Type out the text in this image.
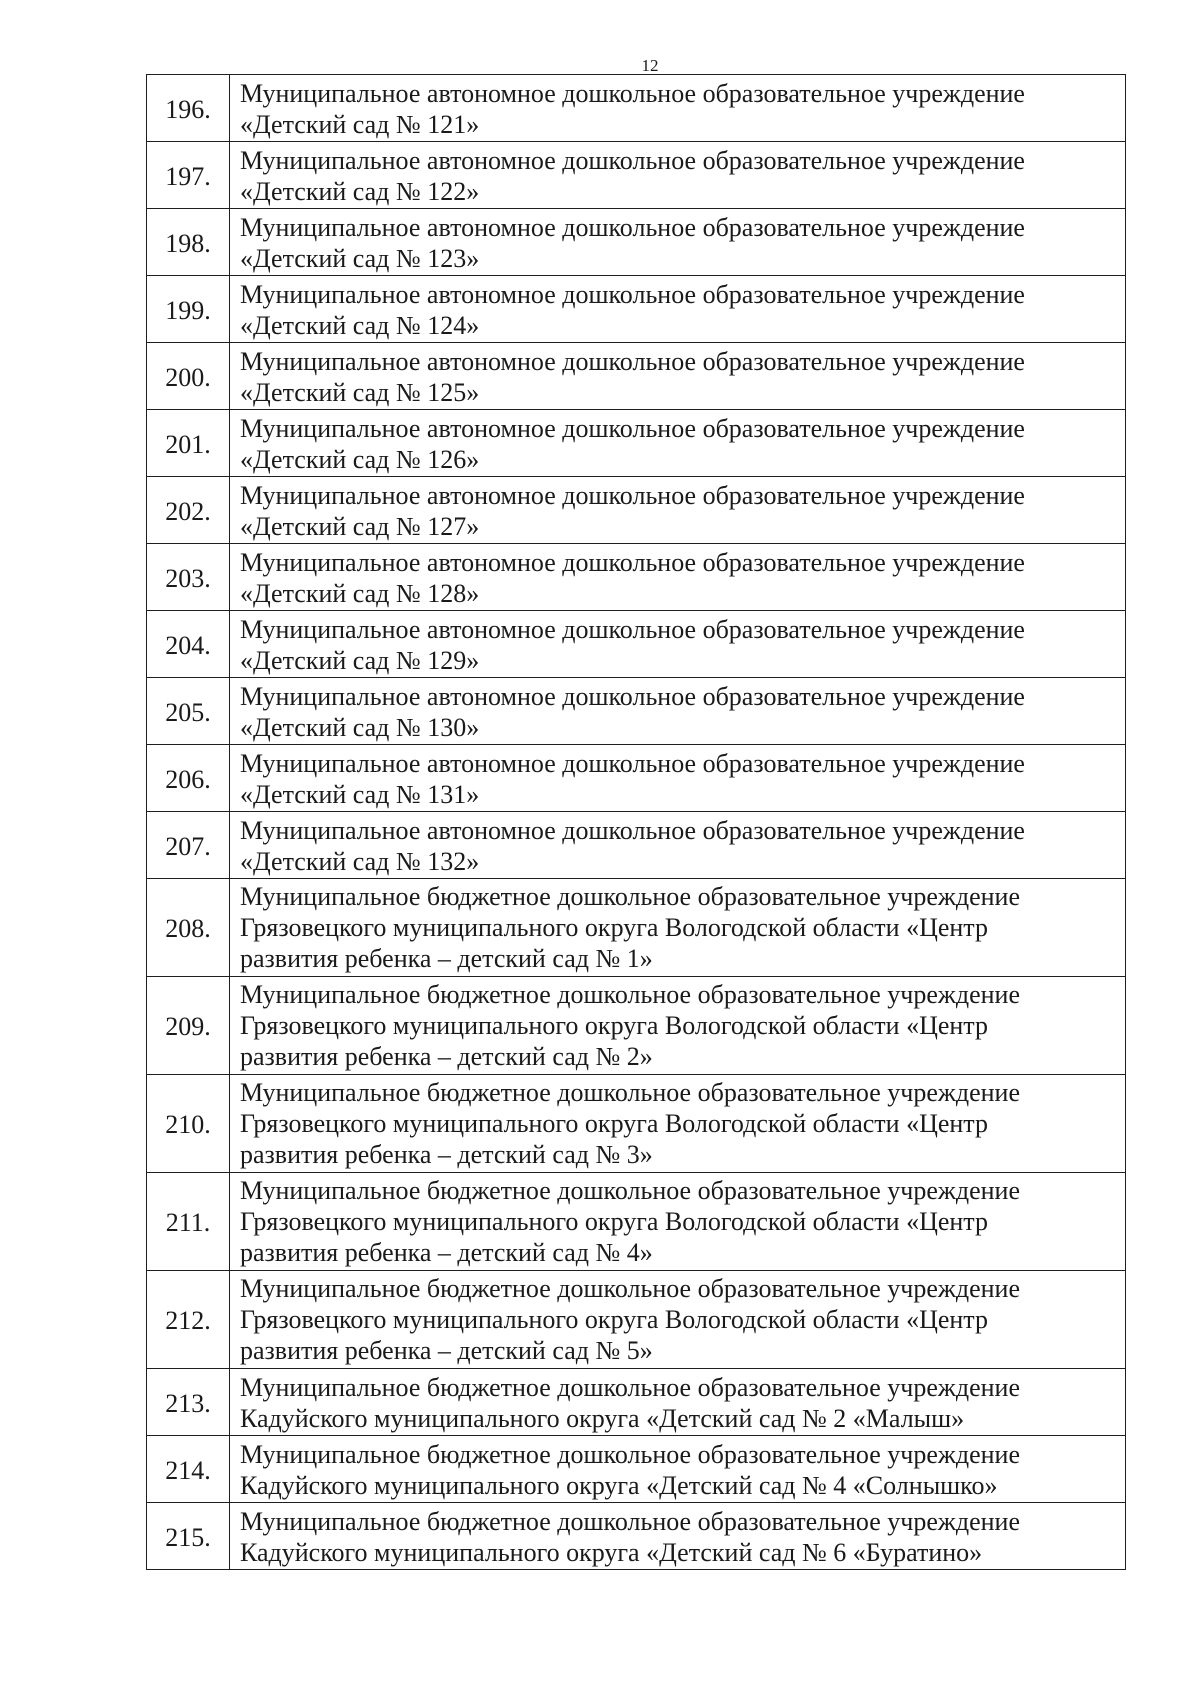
12
196.	Муниципальное автономное дошкольное образовательное учреждение
«Детский сад № 121»

197.	Муниципальное автономное дошкольное образовательное учреждение
«Детский сад № 122»

198.	Муниципальное автономное дошкольное образовательное учреждение
«Детский сад № 123»

199.	Муниципальное автономное дошкольное образовательное учреждение
«Детский сад № 124»

200.	Муниципальное автономное дошкольное образовательное учреждение
«Детский сад № 125»

201.	Муниципальное автономное дошкольное образовательное учреждение
«Детский сад № 126»

202.	Муниципальное автономное дошкольное образовательное учреждение
«Детский сад № 127»

203.	Муниципальное автономное дошкольное образовательное учреждение
«Детский сад № 128»

204.	Муниципальное автономное дошкольное образовательное учреждение
«Детский сад № 129»

205.	Муниципальное автономное дошкольное образовательное учреждение
«Детский сад № 130»

206.	Муниципальное автономное дошкольное образовательное учреждение
«Детский сад № 131»

207.	Муниципальное автономное дошкольное образовательное учреждение
«Детский сад № 132»

208.	Муниципальное бюджетное дошкольное образовательное учреждение
Грязовецкого муниципального округа Вологодской области «Центр
развития ребенка – детский сад № 1»

209.	Муниципальное бюджетное дошкольное образовательное учреждение
Грязовецкого муниципального округа Вологодской области «Центр
развития ребенка – детский сад № 2»

210.	Муниципальное бюджетное дошкольное образовательное учреждение
Грязовецкого муниципального округа Вологодской области «Центр
развития ребенка – детский сад № 3»

211.	Муниципальное бюджетное дошкольное образовательное учреждение
Грязовецкого муниципального округа Вологодской области «Центр
развития ребенка – детский сад № 4»

212.	Муниципальное бюджетное дошкольное образовательное учреждение
Грязовецкого муниципального округа Вологодской области «Центр
развития ребенка – детский сад № 5»

213.	Муниципальное бюджетное дошкольное образовательное учреждение
Кадуйского муниципального округа «Детский сад № 2 «Малыш»

214.	Муниципальное бюджетное дошкольное образовательное учреждение
Кадуйского муниципального округа «Детский сад № 4 «Солнышко»

215.	Муниципальное бюджетное дошкольное образовательное учреждение
Кадуйского муниципального округа «Детский сад № 6 «Буратино»
